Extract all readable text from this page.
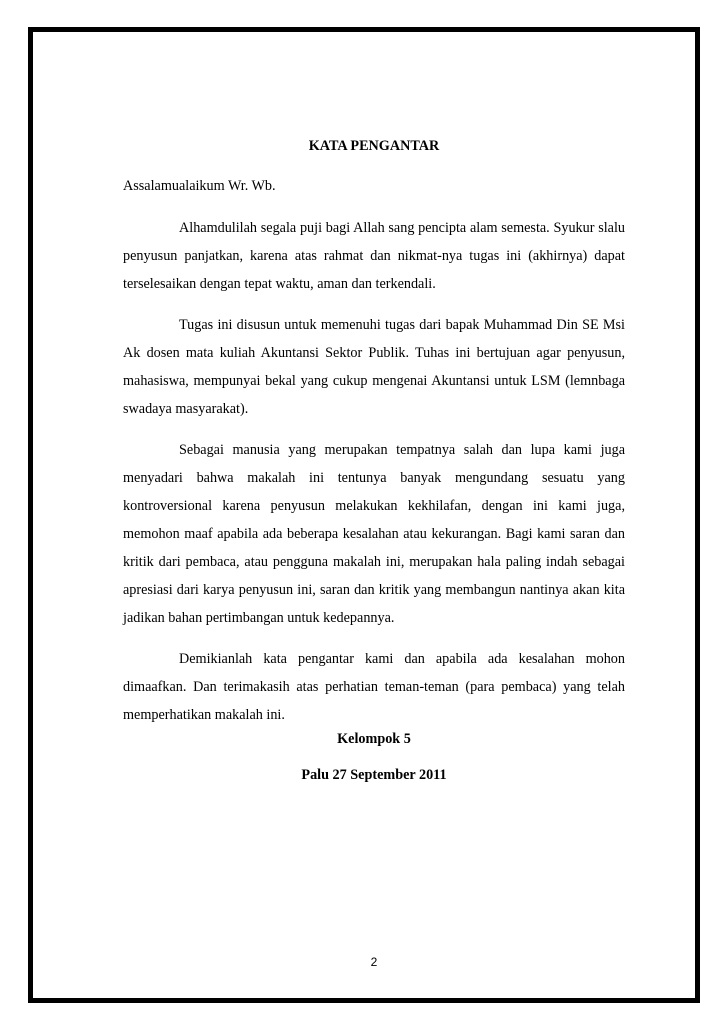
KATA PENGANTAR
Assalamualaikum Wr. Wb.

Alhamdulilah segala puji bagi Allah sang pencipta alam semesta. Syukur slalu penyusun panjatkan, karena atas rahmat dan nikmat-nya tugas ini (akhirnya) dapat terselesaikan dengan tepat waktu, aman dan terkendali.

Tugas ini disusun untuk memenuhi tugas dari bapak Muhammad Din SE Msi Ak dosen mata kuliah Akuntansi Sektor Publik. Tuhas ini bertujuan agar penyusun, mahasiswa, mempunyai bekal yang cukup mengenai Akuntansi untuk LSM (lemnbaga swadaya masyarakat).

Sebagai manusia yang merupakan tempatnya salah dan lupa kami juga menyadari bahwa makalah ini tentunya banyak mengundang sesuatu yang kontroversional karena penyusun melakukan kekhilafan, dengan ini kami juga, memohon maaf apabila ada beberapa kesalahan atau kekurangan. Bagi kami saran dan kritik dari pembaca, atau pengguna makalah ini, merupakan hala paling indah sebagai apresiasi dari karya penyusun ini, saran dan kritik yang membangun nantinya akan kita jadikan bahan pertimbangan untuk kedepannya.

Demikianlah kata pengantar kami dan apabila ada kesalahan mohon dimaafkan. Dan terimakasih atas perhatian teman-teman (para pembaca) yang telah memperhatikan makalah ini.

Kelompok 5
Palu 27 September 2011
2
